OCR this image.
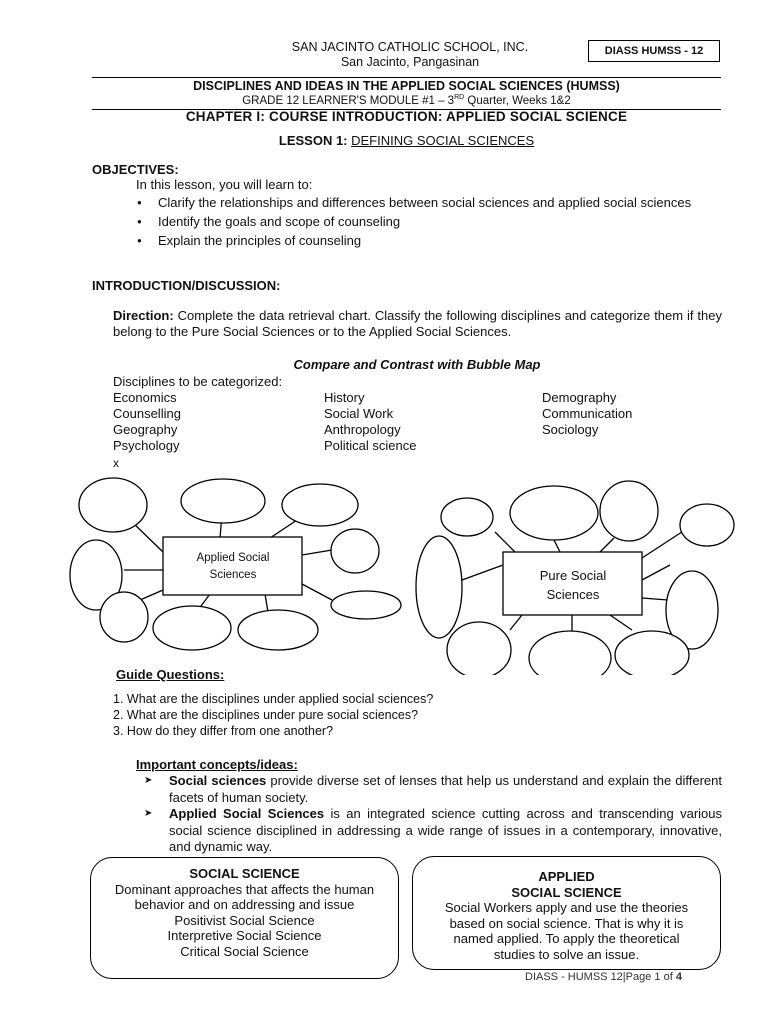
SAN JACINTO CATHOLIC SCHOOL, INC.
San Jacinto, Pangasinan
DIASS HUMSS - 12
DISCIPLINES AND IDEAS IN THE APPLIED SOCIAL SCIENCES (HUMSS)
GRADE 12 LEARNER'S MODULE #1 – 3RD Quarter, Weeks 1&2
CHAPTER I: COURSE INTRODUCTION: APPLIED SOCIAL SCIENCE
LESSON 1: DEFINING SOCIAL SCIENCES
OBJECTIVES:
In this lesson, you will learn to:
● Clarify the relationships and differences between social sciences and applied social sciences
● Identify the goals and scope of counseling
● Explain the principles of counseling
INTRODUCTION/DISCUSSION:

Direction: Complete the data retrieval chart. Classify the following disciplines and categorize them if they belong to the Pure Social Sciences or to the Applied Social Sciences.

Compare and Contrast with Bubble Map
Disciplines to be categorized:
Economics
Counselling
Geography
Psychology
History
Social Work
Anthropology
Political science
Demography
Communication
Sociology
x
Applied Social
Sciences	Pure Social
Sciences
Guide Questions:
1. What are the disciplines under applied social sciences?
2. What are the disciplines under pure social sciences?
3. How do they differ from one another?
Important concepts/ideas:
➤ Social sciences provide diverse set of lenses that help us understand and explain the different facets of human society.
➤ Applied Social Sciences is an integrated science cutting across and transcending various social science disciplined in addressing a wide range of issues in a contemporary, innovative, and dynamic way.
DIASS - HUMSS 12|Page 1 of 4
SOCIAL SCIENCE
Dominant approaches that affects the human behavior and on addressing and issue
Positivist Social Science
Interpretive Social Science
Critical Social Science
APPLIED
SOCIAL SCIENCE
Social Workers apply and use the theories based on social science. That is why it is named applied. To apply the theoretical studies to solve an issue.
